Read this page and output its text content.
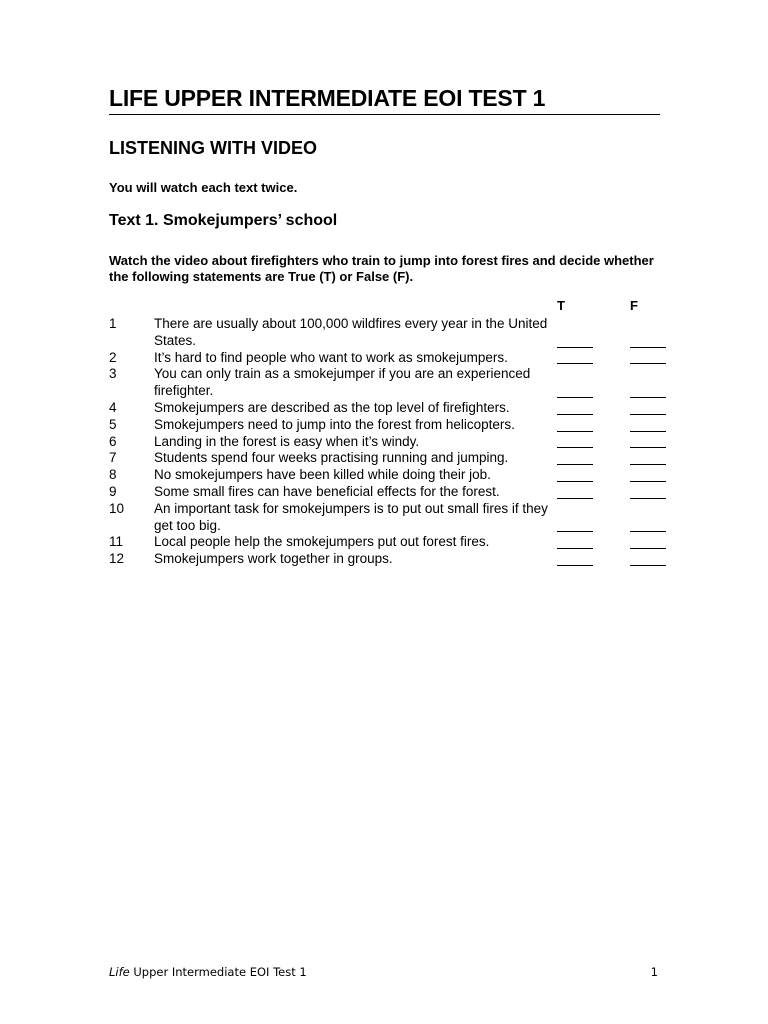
LIFE UPPER INTERMEDIATE EOI TEST 1
LISTENING WITH VIDEO
You will watch each text twice.
Text 1. Smokejumpers’ school
Watch the video about firefighters who train to jump into forest fires and decide whether the following statements are True (T) or False (F).
T	F
1	There are usually about 100,000 wildfires every year in the United States.
2	It’s hard to find people who want to work as smokejumpers.
3	You can only train as a smokejumper if you are an experienced firefighter.
4	Smokejumpers are described as the top level of firefighters.
5	Smokejumpers need to jump into the forest from helicopters.
6	Landing in the forest is easy when it’s windy.
7	Students spend four weeks practising running and jumping.
8	No smokejumpers have been killed while doing their job.
9	Some small fires can have beneficial effects for the forest.
10 An important task for smokejumpers is to put out small fires if they get too big.
11 Local people help the smokejumpers put out forest fires.
12 Smokejumpers work together in groups.
Life Upper Intermediate EOI Test 1	1
